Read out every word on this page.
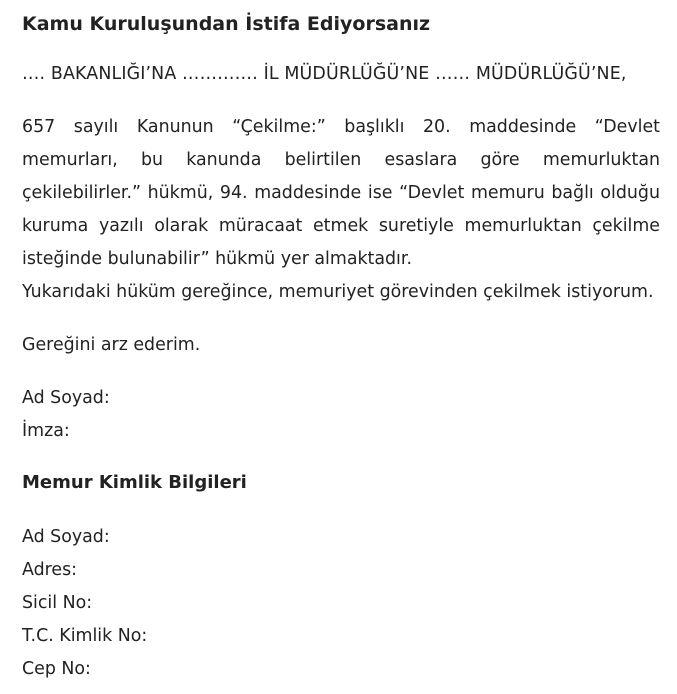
Kamu Kuruluşundan İstifa Ediyorsanız
…. BAKANLIĞI’NA …………. İL MÜDÜRLÜĞÜ’NE …… MÜDÜRLÜĞÜ’NE,

657 sayılı Kanunun “Çekilme:” başlıklı 20. maddesinde “Devlet memurları, bu kanunda belirtilen esaslara göre memurluktan çekilebilirler.” hükmü, 94. maddesinde ise “Devlet memuru bağlı olduğu kuruma yazılı olarak müracaat etmek suretiyle memurluktan çekilme isteğinde bulunabilir” hükmü yer almaktadır.

Yukarıdaki hüküm gereğince, memuriyet görevinden çekilmek istiyorum.

Gereğini arz ederim.
Ad Soyad:
İmza:
Memur Kimlik Bilgileri
Ad Soyad:
Adres:
Sicil No:
T.C. Kimlik No:
Cep No:
